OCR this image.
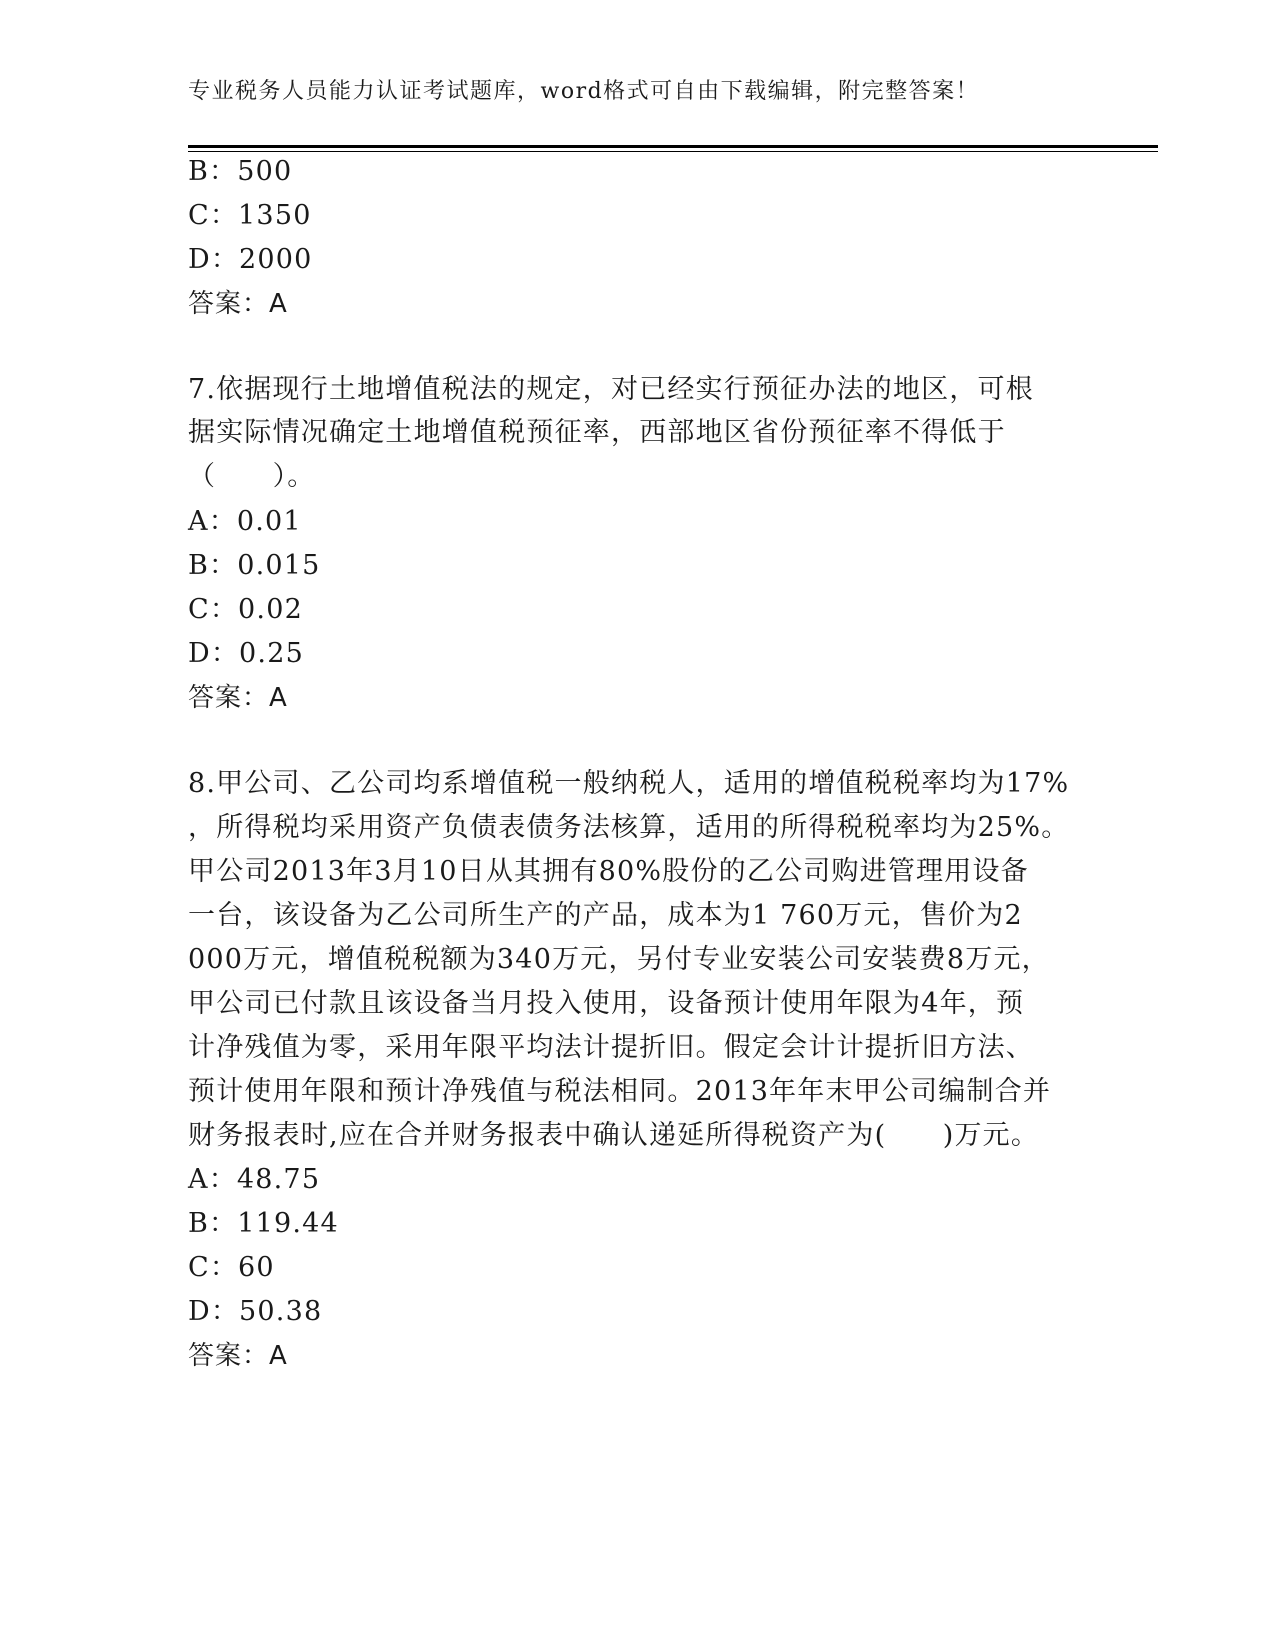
专业税务人员能力认证考试题库，word格式可自由下载编辑，附完整答案！
B：500
C：1350
D：2000
答案：A
7.依据现行土地增值税法的规定，对已经实行预征办法的地区，可根
据实际情况确定土地增值税预征率，西部地区省份预征率不得低于
（　　）。
A：0.01
B：0.015
C：0.02
D：0.25
答案：A
8.甲公司、乙公司均系增值税一般纳税人，适用的增值税税率均为17%
，所得税均采用资产负债表债务法核算，适用的所得税税率均为25%。
甲公司2013年3月10日从其拥有80%股份的乙公司购进管理用设备
一台，该设备为乙公司所生产的产品，成本为1 760万元，售价为2
000万元，增值税税额为340万元，另付专业安装公司安装费8万元，
甲公司已付款且该设备当月投入使用，设备预计使用年限为4年，预
计净残值为零，采用年限平均法计提折旧。假定会计计提折旧方法、
预计使用年限和预计净残值与税法相同。2013年年末甲公司编制合并
财务报表时,应在合并财务报表中确认递延所得税资产为(　　)万元。
A：48.75
B：119.44
C：60
D：50.38
答案：A
